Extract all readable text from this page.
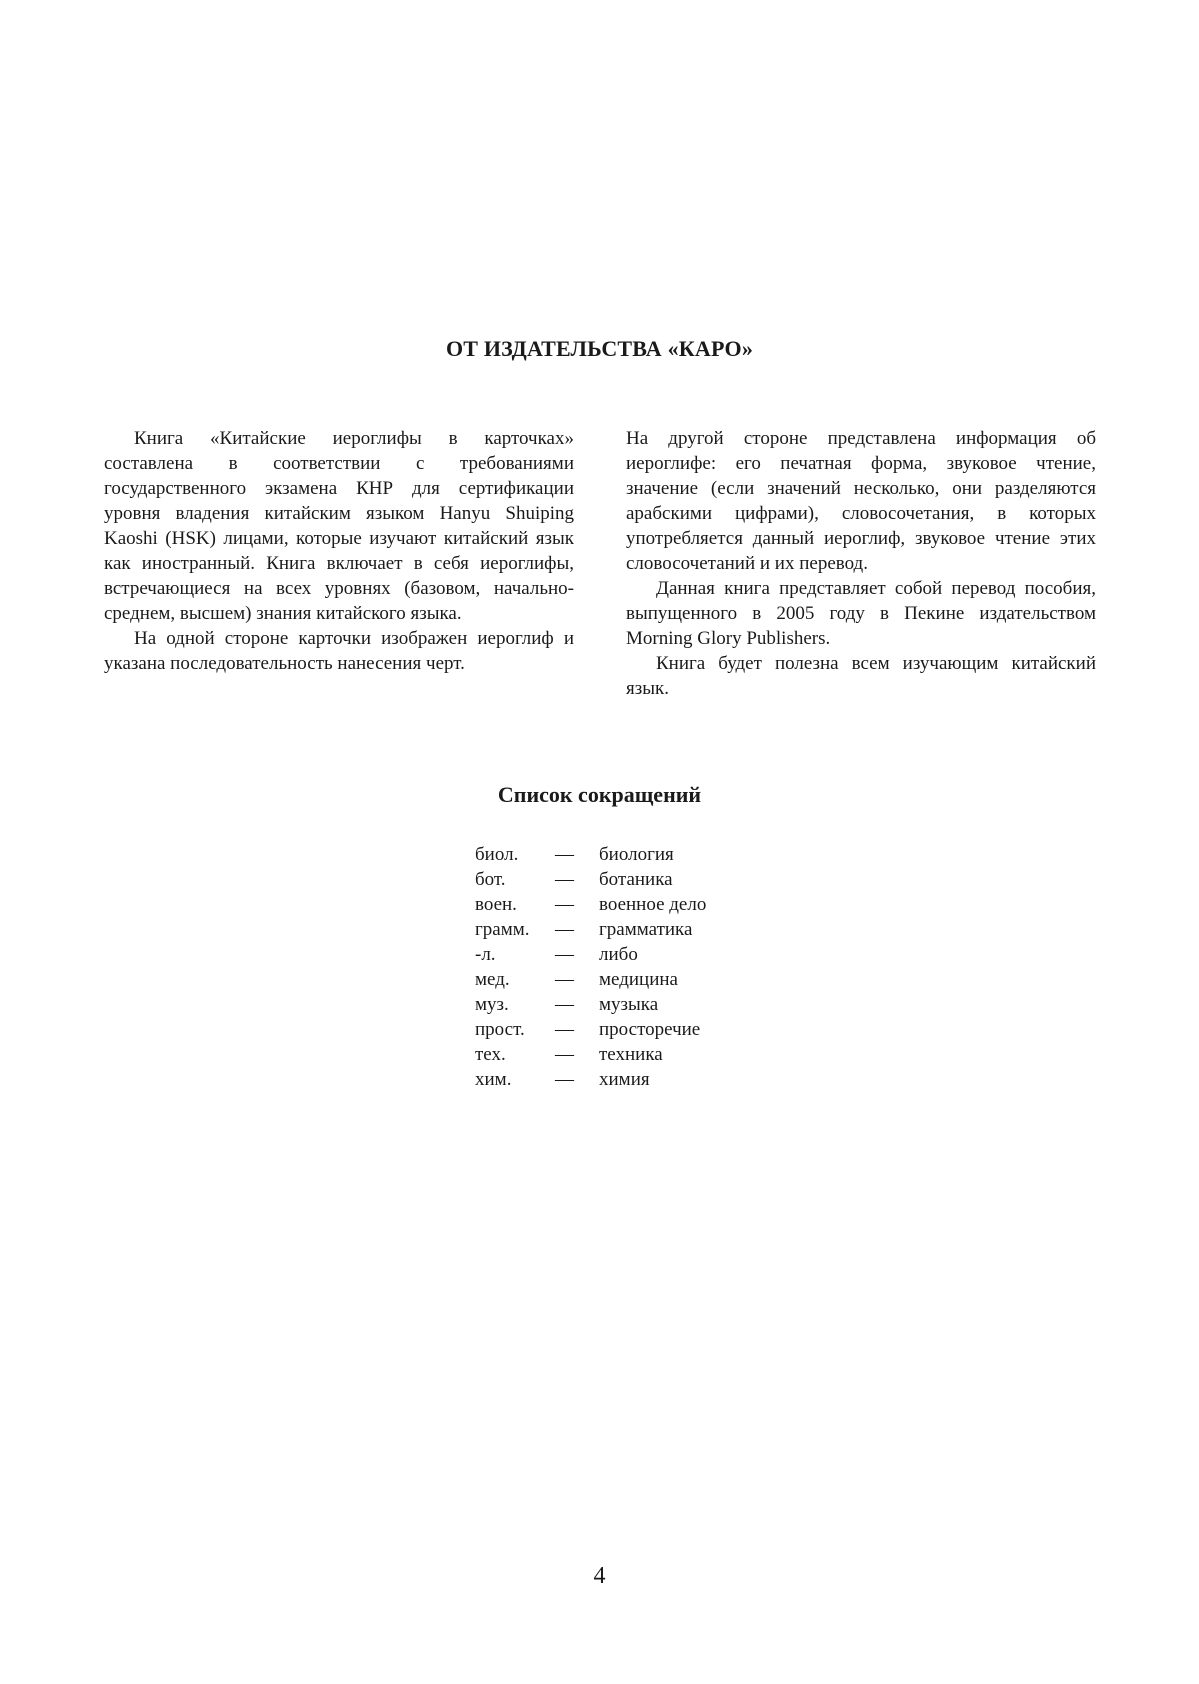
ОТ ИЗДАТЕЛЬСТВА «КАРО»

Книга «Китайские иероглифы в карточках» составлена в соответствии с требованиями государственного экзамена КНР для сертификации уровня владения китайским языком Hanyu Shuiping Kaoshi (HSK) лицами, которые изучают китайский язык как иностранный. Книга включает в себя иероглифы, встречающиеся на всех уровнях (базовом, начально-среднем, высшем) знания китайского языка.

На одной стороне карточки изображен иероглиф и указана последовательность нанесения черт.

На другой стороне представлена информация об иероглифе: его печатная форма, звуковое чтение, значение (если значений несколько, они разделяются арабскими цифрами), словосочетания, в которых употребляется данный иероглиф, звуковое чтение этих словосочетаний и их перевод.

Данная книга представляет собой перевод пособия, выпущенного в 2005 году в Пекине издательством Morning Glory Publishers.

Книга будет полезна всем изучающим китайский язык.

Список сокращений
биол.	—	биология
бот.	—	ботаника
воен.	—	военное дело
грамм.	—	грамматика
-л.	—	либо
мед.	—	медицина
муз.	—	музыка
прост.	—	просторечие
тех.	—	техника
хим.	—	химия
4
